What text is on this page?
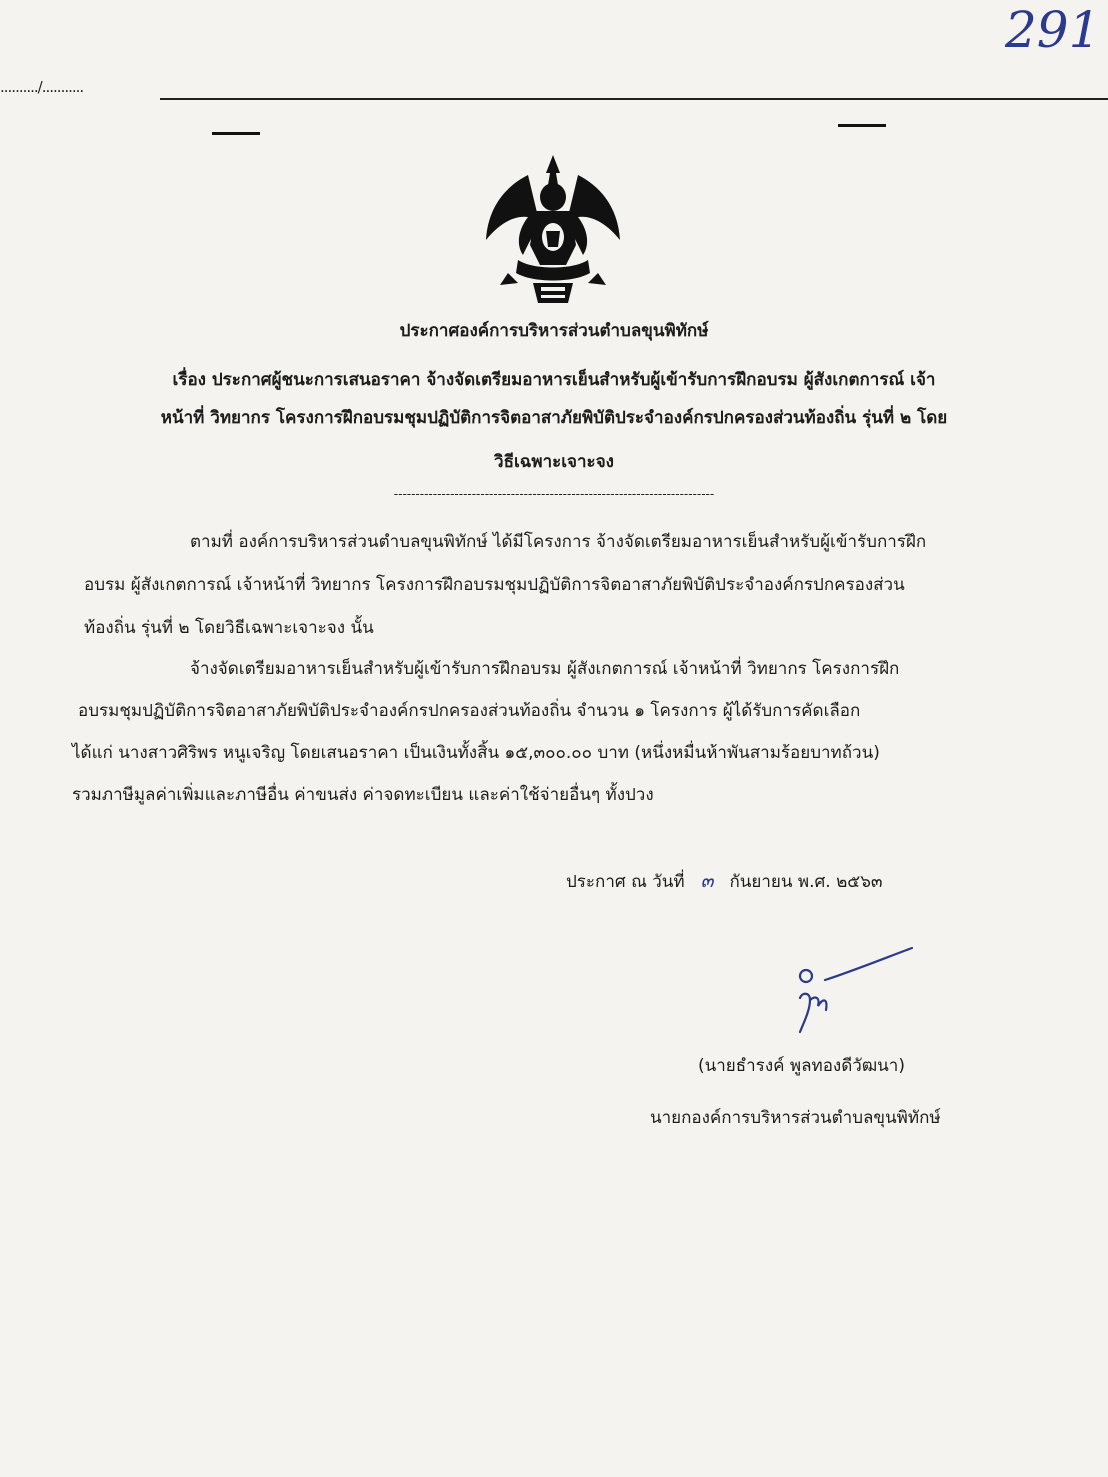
291
........../...........
ประกาศองค์การบริหารส่วนตำบลขุนพิทักษ์
เรื่อง ประกาศผู้ชนะการเสนอราคา จ้างจัดเตรียมอาหารเย็นสำหรับผู้เข้ารับการฝึกอบรม ผู้สังเกตการณ์ เจ้า
หน้าที่ วิทยากร โครงการฝึกอบรมชุมปฏิบัติการจิตอาสาภัยพิบัติประจำองค์กรปกครองส่วนท้องถิ่น รุ่นที่ ๒ โดย
วิธีเฉพาะเจาะจง
--------------------------------------------------------------------------
ตามที่ องค์การบริหารส่วนตำบลขุนพิทักษ์ ได้มีโครงการ จ้างจัดเตรียมอาหารเย็นสำหรับผู้เข้ารับการฝึก
อบรม ผู้สังเกตการณ์ เจ้าหน้าที่ วิทยากร โครงการฝึกอบรมชุมปฏิบัติการจิตอาสาภัยพิบัติประจำองค์กรปกครองส่วน
ท้องถิ่น รุ่นที่ ๒ โดยวิธีเฉพาะเจาะจง นั้น
จ้างจัดเตรียมอาหารเย็นสำหรับผู้เข้ารับการฝึกอบรม ผู้สังเกตการณ์ เจ้าหน้าที่ วิทยากร โครงการฝึก
อบรมชุมปฏิบัติการจิตอาสาภัยพิบัติประจำองค์กรปกครองส่วนท้องถิ่น จำนวน ๑ โครงการ ผู้ได้รับการคัดเลือก
ได้แก่ นางสาวศิริพร หนูเจริญ โดยเสนอราคา เป็นเงินทั้งสิ้น ๑๕,๓๐๐.๐๐ บาท (หนึ่งหมื่นห้าพันสามร้อยบาทถ้วน)
รวมภาษีมูลค่าเพิ่มและภาษีอื่น ค่าขนส่ง ค่าจดทะเบียน และค่าใช้จ่ายอื่นๆ ทั้งปวง
ประกาศ ณ วันที่ ๓ กันยายน พ.ศ. ๒๕๖๓
(นายธำรงค์ พูลทองดีวัฒนา)
นายกองค์การบริหารส่วนตำบลขุนพิทักษ์
